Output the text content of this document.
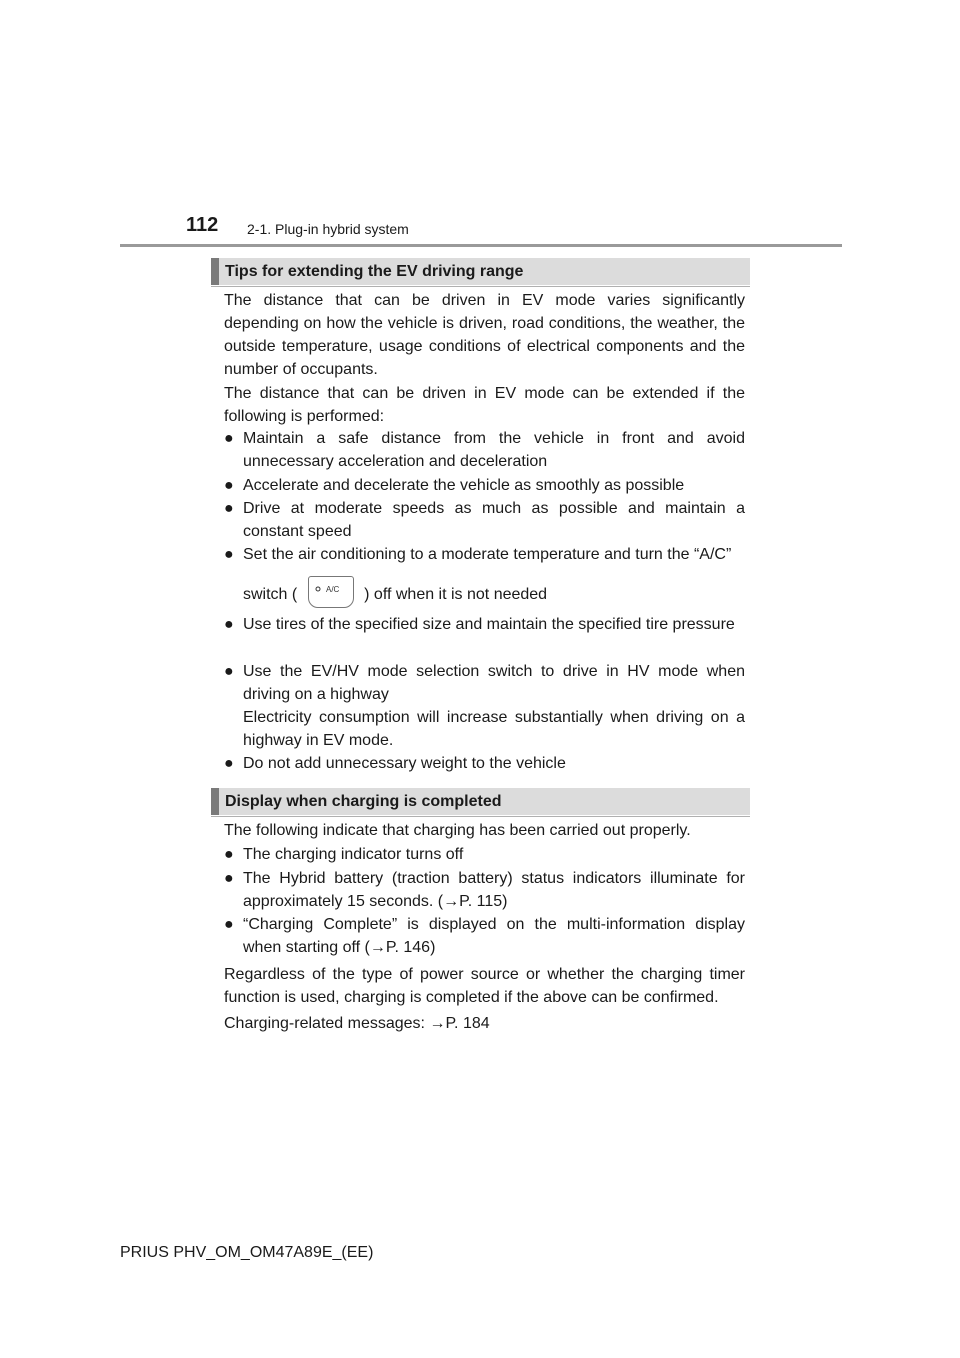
112 2-1. Plug-in hybrid system
Tips for extending the EV driving range

The distance that can be driven in EV mode varies significantly depending on how the vehicle is driven, road conditions, the weather, the outside temperature, usage conditions of electrical components and the number of occupants.

The distance that can be driven in EV mode can be extended if the following is performed:

● Maintain a safe distance from the vehicle in front and avoid unnecessary acceleration and deceleration
● Accelerate and decelerate the vehicle as smoothly as possible
● Drive at moderate speeds as much as possible and maintain a constant speed
● Set the air conditioning to a moderate temperature and turn the “A/C”
switch (	A/C ) off when it is not needed
● Use tires of the specified size and maintain the specified tire pressure
● Use the EV/HV mode selection switch to drive in HV mode when driving on a highway
Electricity consumption will increase substantially when driving on a highway in EV mode.
● Do not add unnecessary weight to the vehicle
Display when charging is completed

The following indicate that charging has been carried out properly.

● The charging indicator turns off
● The Hybrid battery (traction battery) status indicators illuminate for approximately 15 seconds. (→P. 115)
● “Charging Complete” is displayed on the multi-information display when starting off (→P. 146)

Regardless of the type of power source or whether the charging timer function is used, charging is completed if the above can be confirmed.

Charging-related messages: →P. 184

PRIUS PHV_OM_OM47A89E_(EE)
